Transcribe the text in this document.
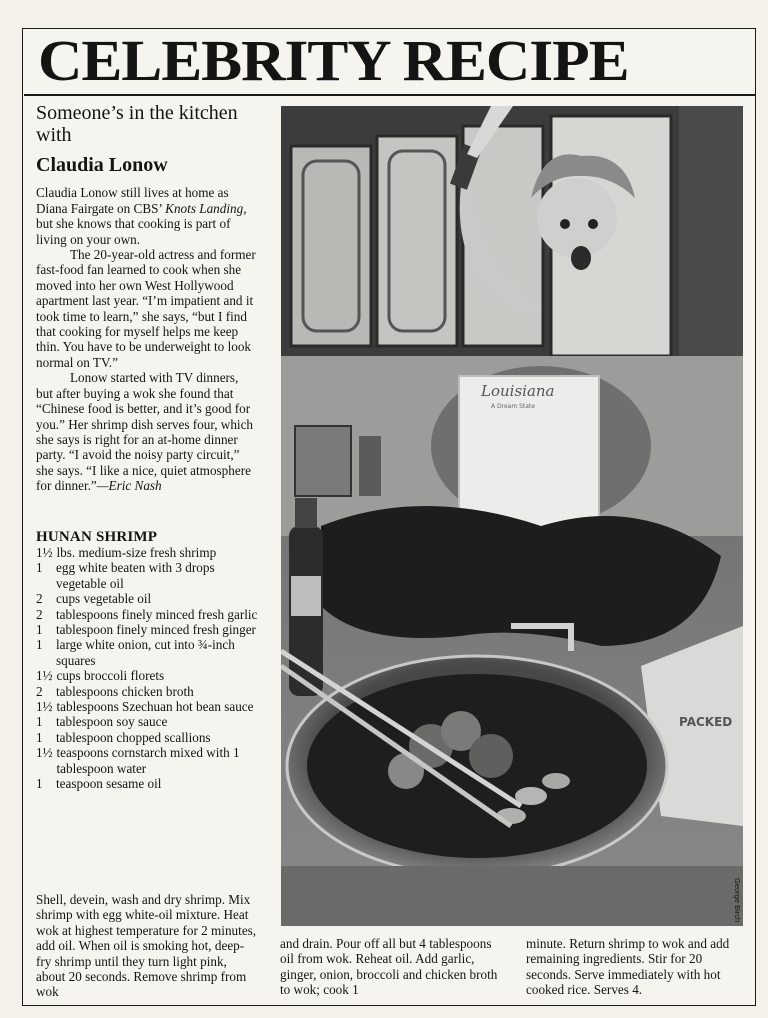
CELEBRITY RECIPE
Someone’s in the kitchen with
Claudia Lonow

Claudia Lonow still lives at home as Diana Fairgate on CBS’ Knots Landing, but she knows that cooking is part of living on your own.

The 20-year-old actress and former fast-food fan learned to cook when she moved into her own West Hollywood apartment last year. “I’m impatient and it took time to learn,” she says, “but I find that cooking for myself helps me keep thin. You have to be underweight to look normal on TV.”

Lonow started with TV dinners, but after buying a wok she found that “Chinese food is better, and it’s good for you.” Her shrimp dish serves four, which she says is right for an at-home dinner party. “I avoid the noisy party circuit,” she says. “I like a nice, quiet atmosphere for dinner.”—Eric Nash

HUNAN SHRIMP
1½ lbs. medium-size fresh shrimp
1	egg white beaten with 3 drops vegetable oil
2	cups vegetable oil
2	tablespoons finely minced fresh garlic
1	tablespoon finely minced fresh ginger
1	large white onion, cut into ¾-inch squares
1½ cups broccoli florets
2	tablespoons chicken broth
1½ tablespoons Szechuan hot bean sauce
1	tablespoon soy sauce
1	tablespoon chopped scallions
1½ teaspoons cornstarch mixed with 1 tablespoon water
1	teaspoon sesame oil
Louisiana
A Dream State
PACKED
George Birch
Shell, devein, wash and dry shrimp. Mix shrimp with egg white-oil mixture. Heat wok at highest temperature for 2 minutes, add oil. When oil is smoking hot, deep-fry shrimp until they turn light pink, about 20 seconds. Remove shrimp from wok
and drain. Pour off all but 4 tablespoons oil from wok. Reheat oil. Add garlic, ginger, onion, broccoli and chicken broth to wok; cook 1
minute. Return shrimp to wok and add remaining ingredients. Stir for 20 seconds. Serve immediately with hot cooked rice. Serves 4.
